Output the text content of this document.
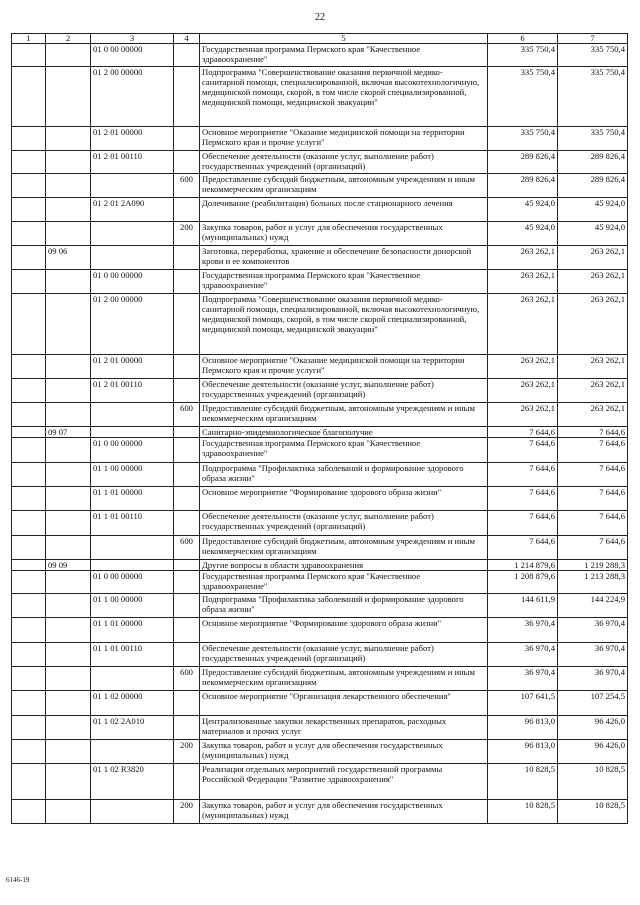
22
1	2	3	4	5	6	7
		01 0 00 00000		Государственная программа Пермского края "Качественное здравоохранение"	335 750,4	335 750,4
		01 2 00 00000		Подпрограмма "Совершенствование оказания первичной медико-санитарной помощи, специализированной, включая высокотехнологичную, медицинской помощи, скорой, в том числе скорой специализированной, медицинской помощи, медицинской эвакуации"	335 750,4	335 750,4
		01 2 01 00000		Основное мероприятие "Оказание медицинской помощи на территории Пермского края и прочие услуги"	335 750,4	335 750,4
		01 2 01 00110		Обеспечение деятельности (оказание услуг, выполнение работ) государственных учреждений (организаций)	289 826,4	289 826,4
			600	Предоставление субсидий бюджетным, автономным учреждениям и иным некоммерческим организациям	289 826,4	289 826,4
		01 2 01 2А090		Долечивание (реабилитация) больных после стационарного лечения	45 924,0	45 924,0
			200	Закупка товаров, работ и услуг для обеспечения государственных (муниципальных) нужд	45 924,0	45 924,0
	09 06			Заготовка, переработка, хранение и обеспечение безопасности донорской крови и ее компонентов	263 262,1	263 262,1
		01 0 00 00000		Государственная программа Пермского края "Качественное здравоохранение"	263 262,1	263 262,1
		01 2 00 00000		Подпрограмма "Совершенствование оказания первичной медико-санитарной помощи, специализированной, включая высокотехнологичную, медицинской помощи, скорой, в том числе скорой специализированной, медицинской помощи, медицинской эвакуации"	263 262,1	263 262,1
		01 2 01 00000		Основное мероприятие "Оказание медицинской помощи на территории Пермского края и прочие услуги"	263 262,1	263 262,1
		01 2 01 00110		Обеспечение деятельности (оказание услуг, выполнение работ) государственных учреждений (организаций)	263 262,1	263 262,1
			600	Предоставление субсидий бюджетным, автономным учреждениям и иным некоммерческим организациям	263 262,1	263 262,1
	09 07			Санитарно-эпидемиологическое благополучие	7 644,6	7 644,6
		01 0 00 00000		Государственная программа Пермского края "Качественное здравоохранение"	7 644,6	7 644,6
		01 1 00 00000		Подпрограмма "Профилактика заболеваний и формирование здорового образа жизни"	7 644,6	7 644,6
		01 1 01 00000		Основное мероприятие "Формирование здорового образа жизни"	7 644,6	7 644,6
		01 1 01 00110		Обеспечение деятельности (оказание услуг, выполнение работ) государственных учреждений (организаций)	7 644,6	7 644,6
			600	Предоставление субсидий бюджетным, автономным учреждениям и иным некоммерческим организациям	7 644,6	7 644,6
	09 09			Другие вопросы в области здравоохранения	1 214 879,6	1 219 288,3
		01 0 00 00000		Государственная программа Пермского края "Качественное здравоохранение"	1 208 879,6	1 213 288,3
		01 1 00 00000		Подпрограмма "Профилактика заболеваний и формирование здорового образа жизни"	144 611,9	144 224,9
		01 1 01 00000		Основное мероприятие "Формирование здорового образа жизни"	36 970,4	36 970,4
		01 1 01 00110		Обеспечение деятельности (оказание услуг, выполнение работ) государственных учреждений (организаций)	36 970,4	36 970,4
			600	Предоставление субсидий бюджетным, автономным учреждениям и иным некоммерческим организациям	36 970,4	36 970,4
		01 1 02 00000		Основное мероприятие "Организация лекарственного обеспечения"	107 641,5	107 254,5
		01 1 02 2А010		Централизованные закупки лекарственных препаратов, расходных материалов и прочих услуг	96 813,0	96 426,0
			200	Закупка товаров, работ и услуг для обеспечения государственных (муниципальных) нужд	96 813,0	96 426,0
		01 1 02 R3820		Реализация отдельных мероприятий государственной программы Российской Федерации "Развитие здравоохранения"	10 828,5	10 828,5
			200	Закупка товаров, работ и услуг для обеспечения государственных (муниципальных) нужд	10 828,5	10 828,5
6146-19
